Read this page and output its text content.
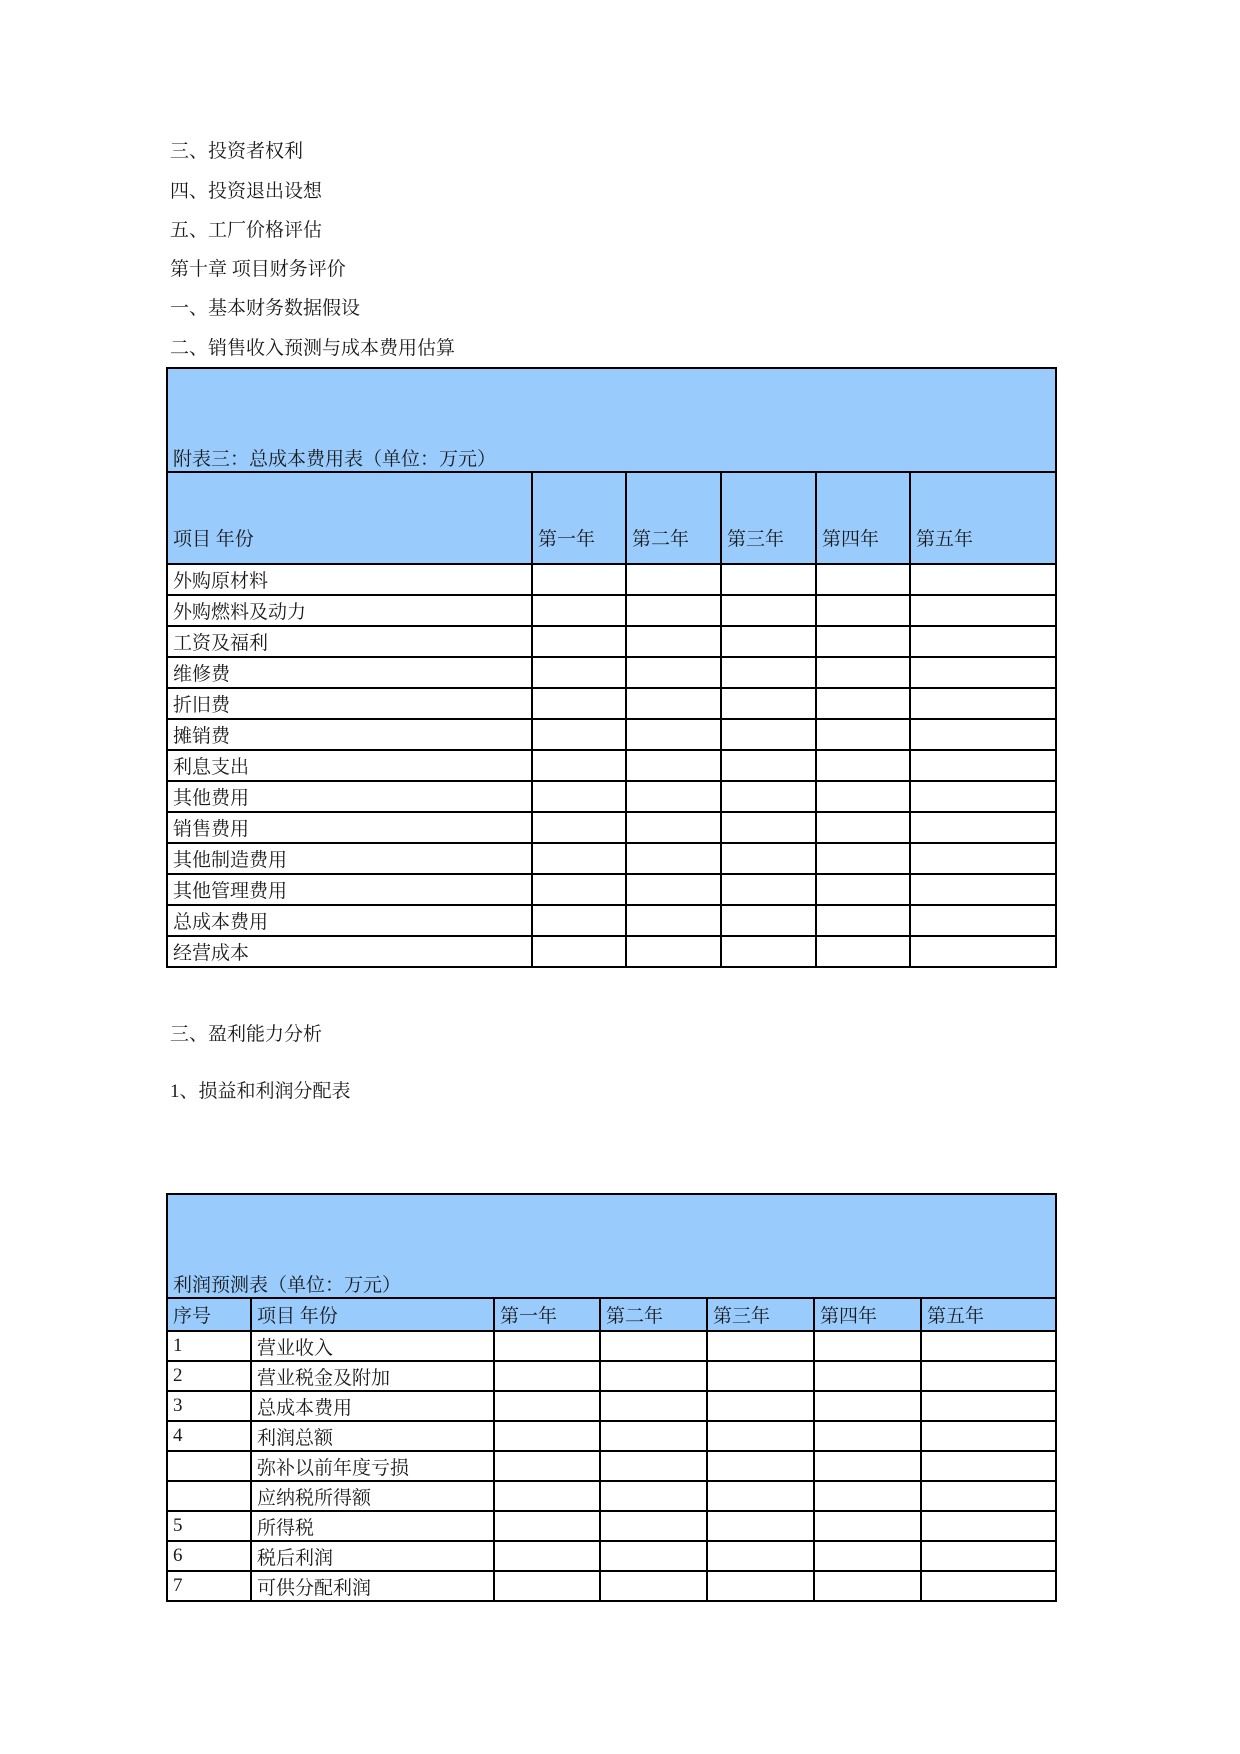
三、投资者权利
四、投资退出设想
五、工厂价格评估
第十章 项目财务评价
一、基本财务数据假设
二、销售收入预测与成本费用估算
附表三：总成本费用表（单位：万元）					
项目 年份	第一年	第二年	第三年	第四年	第五年
外购原材料					
外购燃料及动力					
工资及福利					
维修费					
折旧费					
摊销费					
利息支出					
其他费用					
销售费用					
其他制造费用					
其他管理费用					
总成本费用					
经营成本					
三、盈利能力分析
1、损益和利润分配表
利润预测表（单位：万元）						
序号	项目 年份	第一年	第二年	第三年	第四年	第五年
1	营业收入					
2	营业税金及附加					
3	总成本费用					
4	利润总额					
	弥补以前年度亏损					
	应纳税所得额					
5	所得税					
6	税后利润					
7	可供分配利润					
